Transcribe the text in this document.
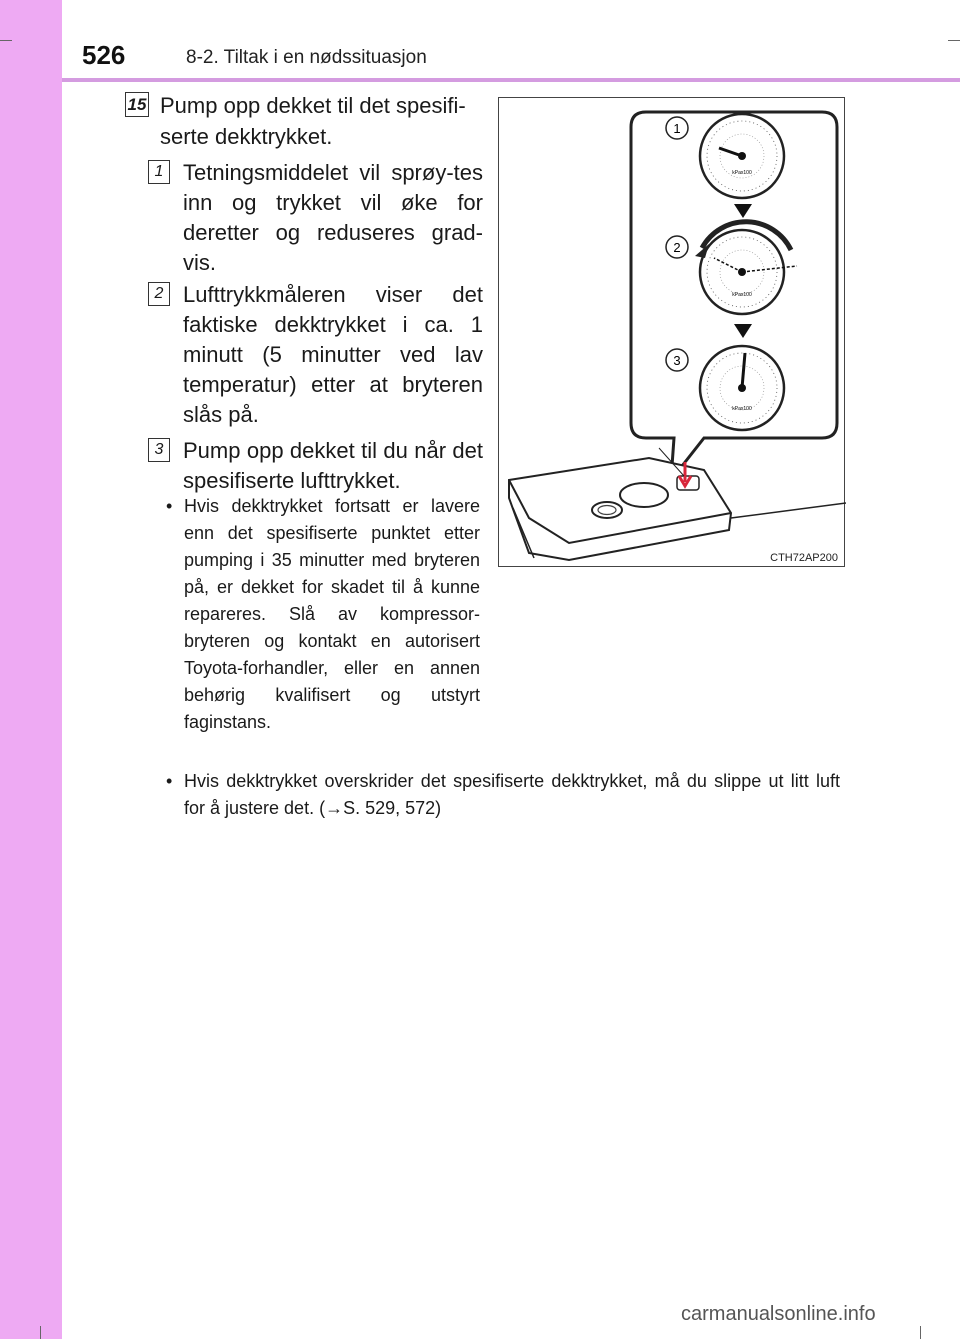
526	8-2. Tiltak i en nødssituasjon
15 Pump opp dekket til det spesifi-serte dekktrykket.

1 Tetningsmiddelet vil sprøy-tes inn og trykket vil øke for deretter og reduseres grad-vis.

2 Lufttrykkmåleren viser det faktiske dekktrykket i ca. 1 minutt (5 minutter ved lav temperatur) etter at bryteren slås på.

3 Pump opp dekket til du når det spesifiserte lufttrykket.

• Hvis dekktrykket fortsatt er lavere enn det spesifiserte punktet etter pumping i 35 minutter med bryteren på, er dekket for skadet til å kunne repareres. Slå av kompressor-bryteren og kontakt en autorisert Toyota-forhandler, eller en annen behørig kvalifisert og utstyrt faginstans.
• Hvis dekktrykket overskrider det spesifiserte dekktrykket, må du slippe ut litt luft for å justere det. (→S. 529, 572)
kPax100
kPax100
kPax100
1
2
3
CTH72AP200
carmanualsonline.info
